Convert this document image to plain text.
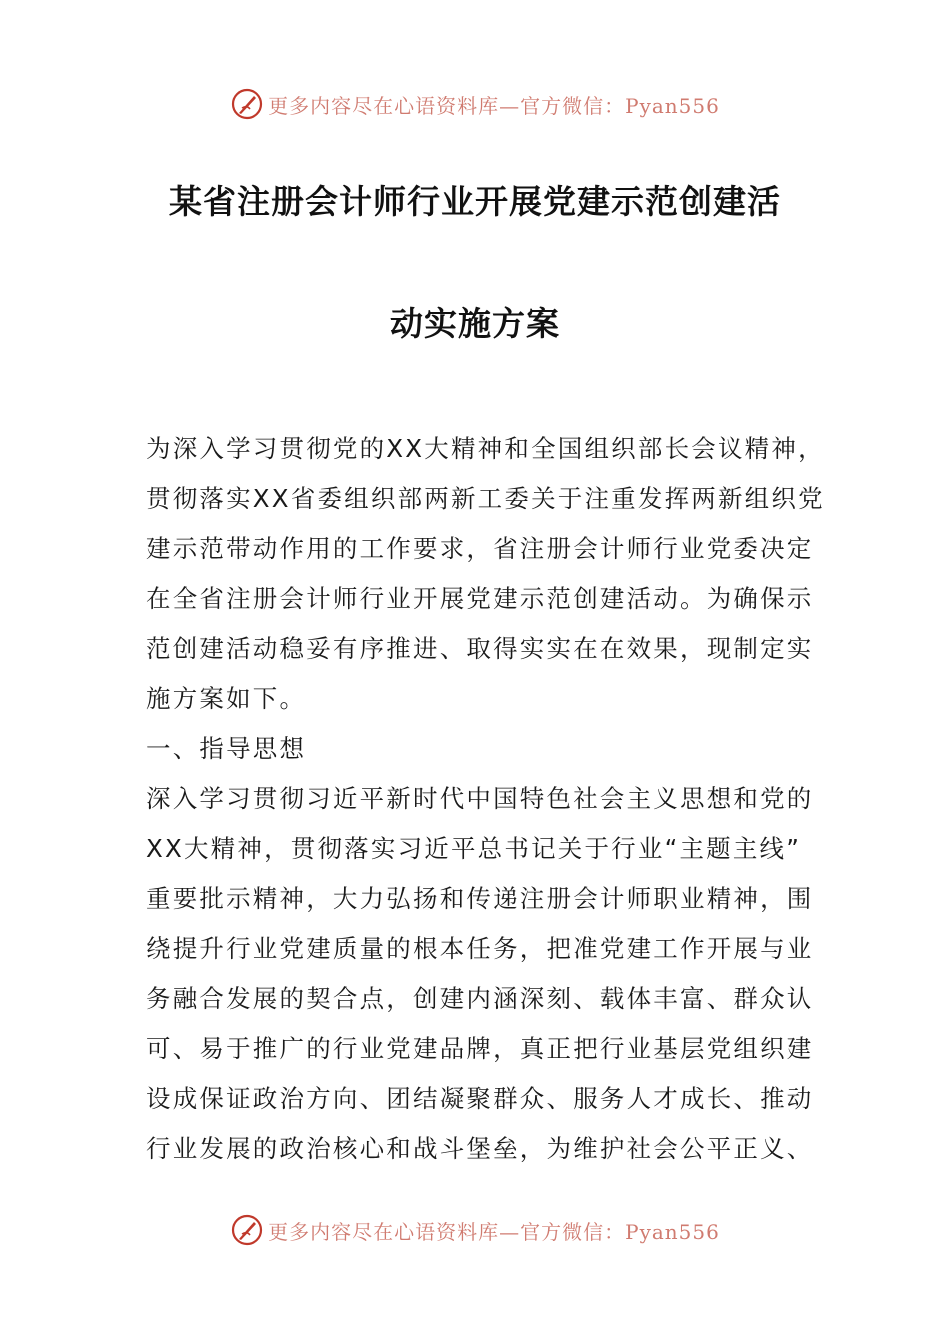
更多内容尽在心语资料库—官方微信：Pyan556
某省注册会计师行业开展党建示范创建活
动实施方案
为深入学习贯彻党的XX大精神和全国组织部长会议精神，
贯彻落实XX省委组织部两新工委关于注重发挥两新组织党
建示范带动作用的工作要求，省注册会计师行业党委决定
在全省注册会计师行业开展党建示范创建活动。为确保示
范创建活动稳妥有序推进、取得实实在在效果，现制定实
施方案如下。
一、指导思想
深入学习贯彻习近平新时代中国特色社会主义思想和党的
XX大精神，贯彻落实习近平总书记关于行业“主题主线”
重要批示精神，大力弘扬和传递注册会计师职业精神，围
绕提升行业党建质量的根本任务，把准党建工作开展与业
务融合发展的契合点，创建内涵深刻、载体丰富、群众认
可、易于推广的行业党建品牌，真正把行业基层党组织建
设成保证政治方向、团结凝聚群众、服务人才成长、推动
行业发展的政治核心和战斗堡垒，为维护社会公平正义、
更多内容尽在心语资料库—官方微信：Pyan556
